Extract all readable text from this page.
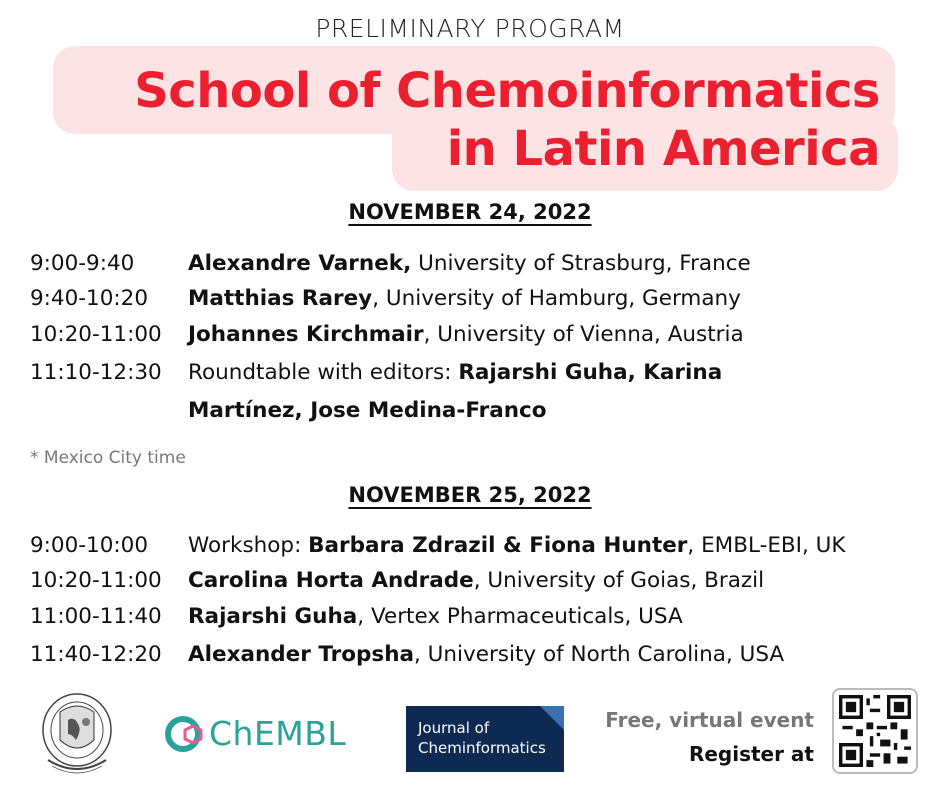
PRELIMINARY PROGRAM
School of Chemoinformatics
in Latin America
NOVEMBER 24, 2022
9:00-9:40 Alexandre Varnek, University of Strasburg, France
9:40-10:20 Matthias Rarey, University of Hamburg, Germany
10:20-11:00 Johannes Kirchmair, University of Vienna, Austria
11:10-12:30 Roundtable with editors: Rajarshi Guha, Karina
Martínez, Jose Medina-Franco
* Mexico City time
NOVEMBER 25, 2022
9:00-10:00 Workshop: Barbara Zdrazil & Fiona Hunter, EMBL-EBI, UK
10:20-11:00 Carolina Horta Andrade, University of Goias, Brazil
11:00-11:40 Rajarshi Guha, Vertex Pharmaceuticals, USA
11:40-12:20 Alexander Tropsha, University of North Carolina, USA
ChEMBL	Journal of
Cheminformatics
Free, virtual event
Register at
